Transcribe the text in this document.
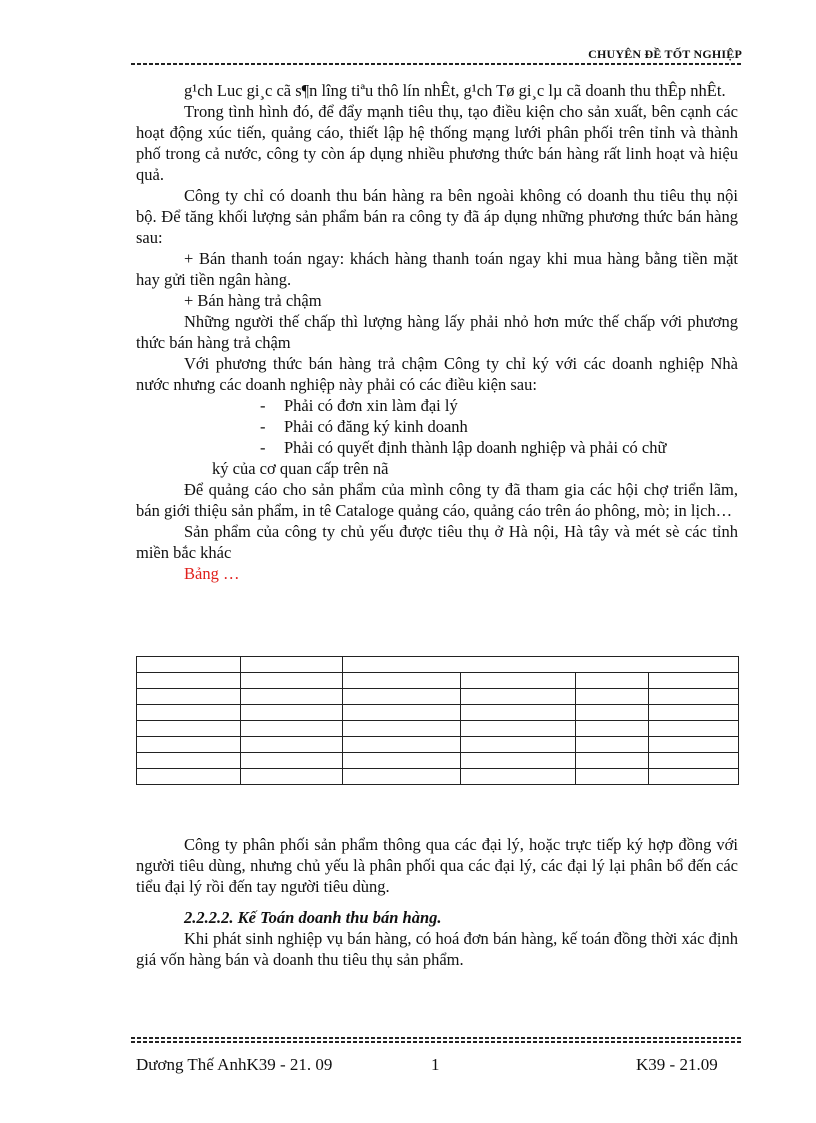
CHUYÊN ĐỀ TỐT NGHIỆP

g¹ch Luc gi¸c cã s¶n lîng tiªu thô lín nhÊt, g¹ch Tø gi¸c lµ cã doanh thu thÊp nhÊt.

Trong tình hình đó, để đẩy mạnh tiêu thụ, tạo điều kiện cho sản xuất, bên cạnh các hoạt động xúc tiến, quảng cáo, thiết lập hệ thống mạng lưới phân phối trên tỉnh và thành phố trong cả nước, công ty còn áp dụng nhiều phương thức bán hàng rất linh hoạt và hiệu quả.

Công ty chỉ có doanh thu bán hàng ra bên ngoài không có doanh thu tiêu thụ nội bộ. Để tăng khối lượng sản phẩm bán ra công ty đã áp dụng những phương thức bán hàng sau:

+ Bán thanh toán ngay: khách hàng thanh toán ngay khi mua hàng bằng tiền mặt hay gửi tiền ngân hàng.

+ Bán hàng trả chậm

Những người thế chấp thì lượng hàng lấy phải nhỏ hơn mức thế chấp với phương thức bán hàng trả chậm

Với phương thức bán hàng trả chậm Công ty chỉ ký với các doanh nghiệp Nhà nước nhưng các doanh nghiệp này phải có các điều kiện sau:

-	Phải có đơn xin làm đại lý
-	Phải có đăng ký kinh doanh
-	Phải có quyết định thành lập doanh nghiệp và phải có chữ

ký của cơ quan cấp trên nã

Để quảng cáo cho sản phẩm của mình công ty đã tham gia các hội chợ triển lãm, bán giới thiệu sản phẩm, in tê Cataloge quảng cáo, quảng cáo trên áo phông, mò; in lịch…

Sản phẩm của công ty chủ yếu được tiêu thụ ở Hà nội, Hà tây và mét sè các tỉnh miền bắc khác

Bảng …

Công ty phân phối sản phẩm thông qua các đại lý, hoặc trực tiếp ký hợp đồng với người tiêu dùng, nhưng chủ yếu là phân phối qua các đại lý, các đại lý lại phân bổ đến các tiểu đại lý rồi đến tay người tiêu dùng.

2.2.2.2. Kế Toán doanh thu bán hàng.

Khi phát sinh nghiệp vụ bán hàng, có hoá đơn bán hàng, kế toán đồng thời xác định giá vốn hàng bán và doanh thu tiêu thụ sản phẩm.

Dương Thế AnhK39 - 21. 09	1	K39 - 21.09
